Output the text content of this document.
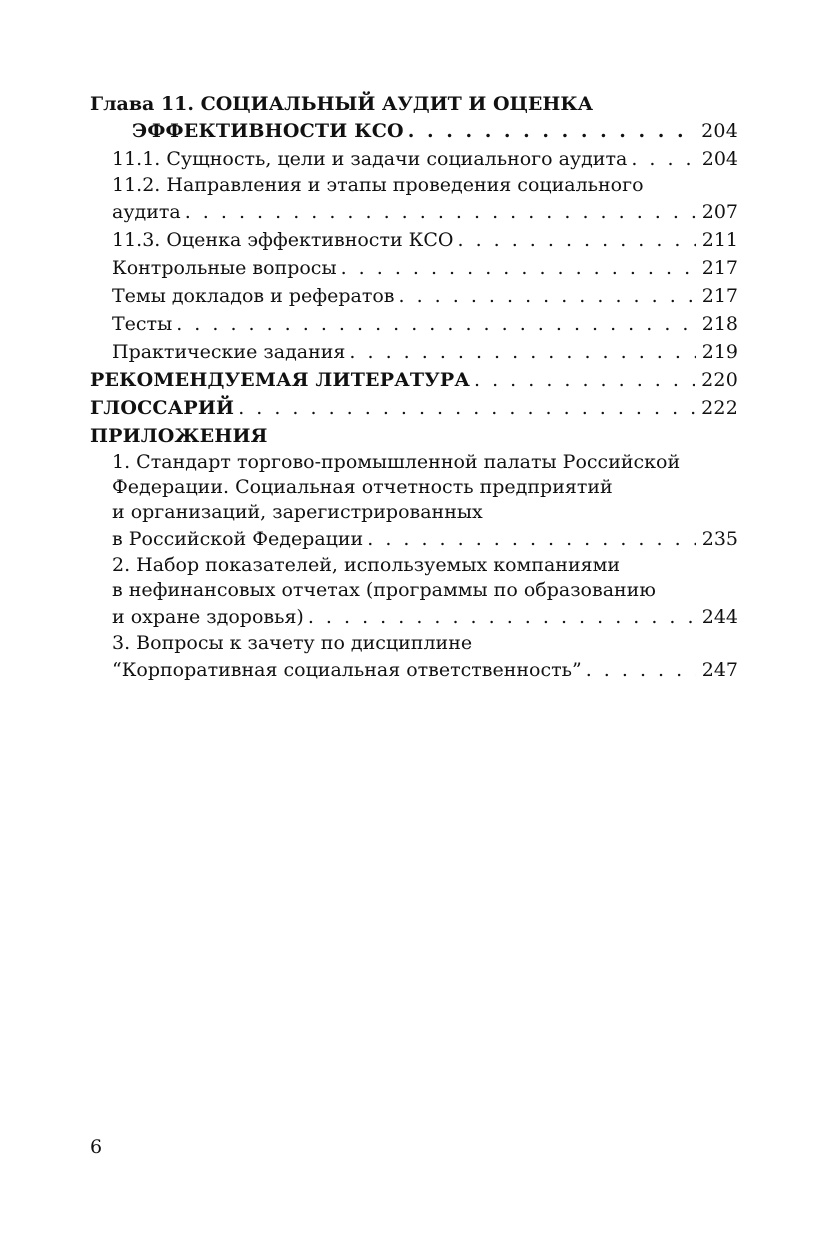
Глава 11. СОЦИАЛЬНЫЙ АУДИТ И ОЦЕНКА
ЭФФЕКТИВНОСТИ КСО . . .	204
11.1. Сущность, цели и задачи социального аудита . . .	204
11.2. Направления и этапы проведения социального
аудита . . .	207
11.3. Оценка эффективности КСО . . .	211
Контрольные вопросы . . .	217
Темы докладов и рефератов . . .	217
Тесты . . .	218
Практические задания . . .	219
РЕКОМЕНДУЕМАЯ ЛИТЕРАТУРА . . .	220
ГЛОССАРИЙ . . .	222
ПРИЛОЖЕНИЯ
1. Стандарт торгово-промышленной палаты Российской
Федерации. Социальная отчетность предприятий
и организаций, зарегистрированных
в Российской Федерации . . .	235
2. Набор показателей, используемых компаниями
в нефинансовых отчетах (программы по образованию
и охране здоровья) . . .	244
3. Вопросы к зачету по дисциплине
“Корпоративная социальная ответственность” . . .	247
6
